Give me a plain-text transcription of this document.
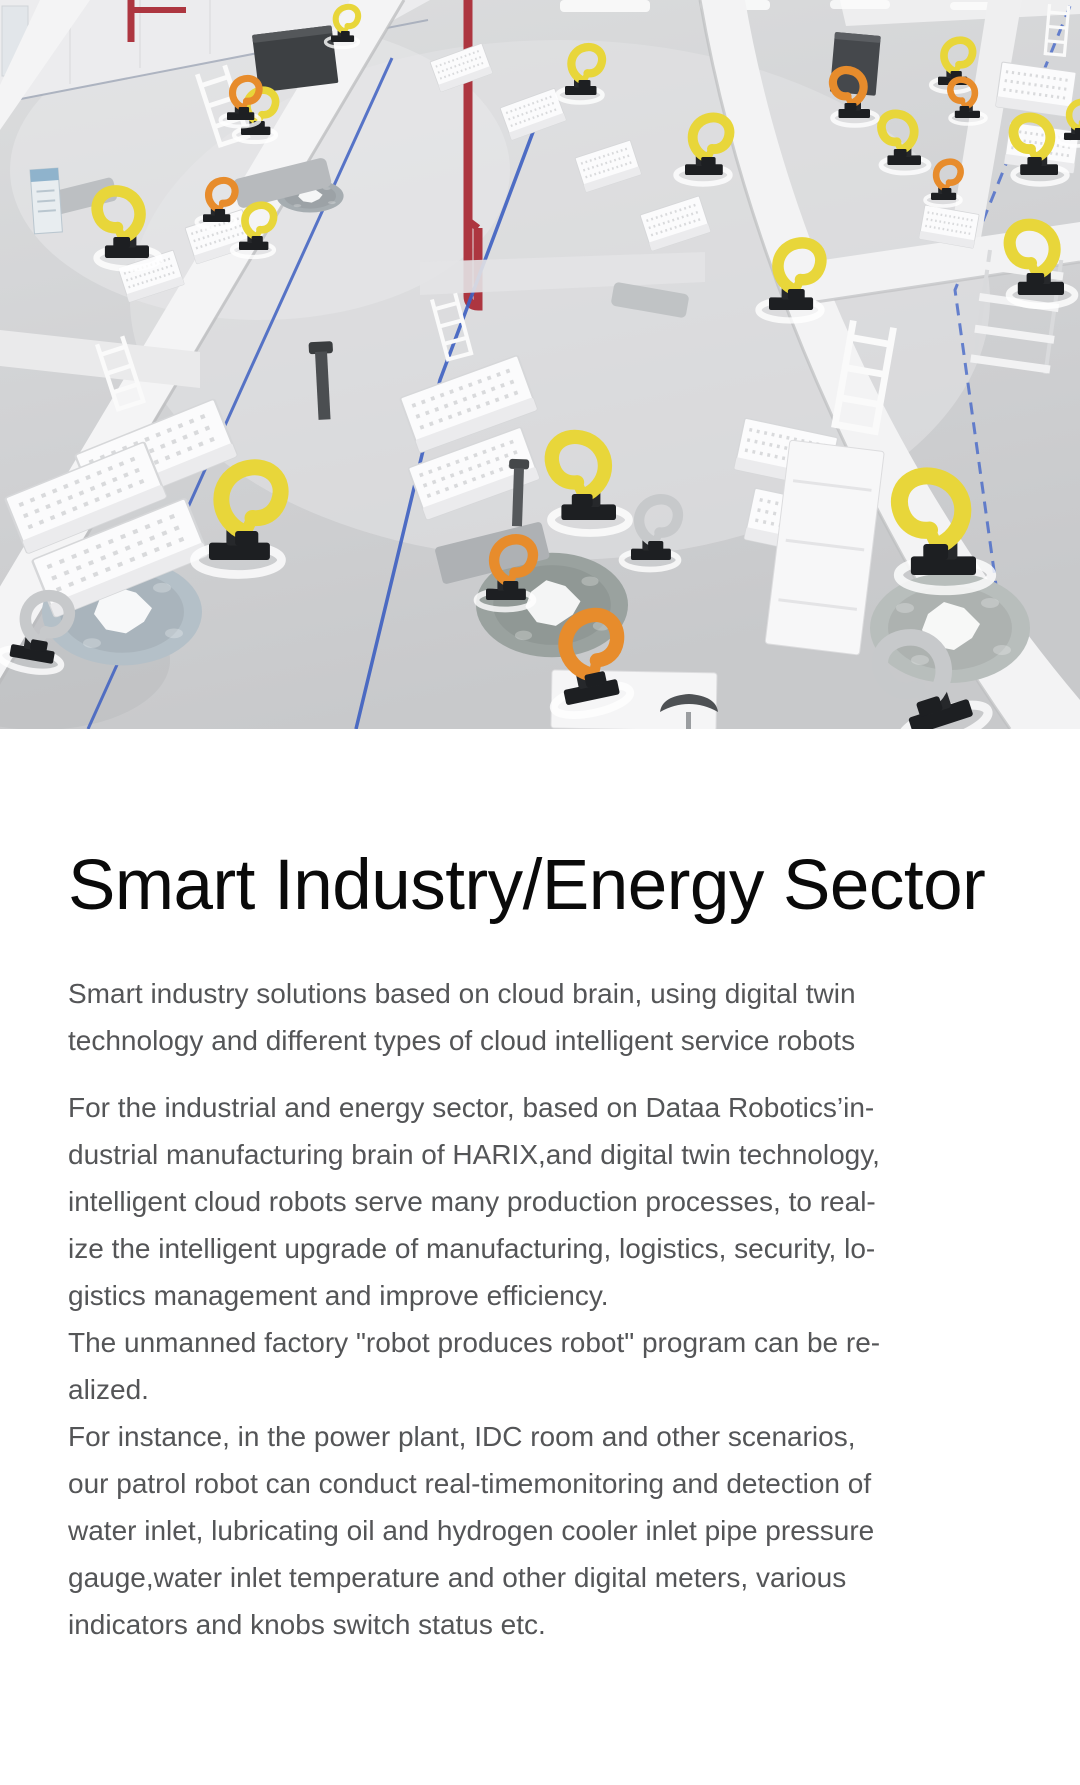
Smart Industry/Energy Sector

Smart industry solutions based on cloud brain, using digital twin
technology and different types of cloud intelligent service robots

For the industrial and energy sector, based on Dataa Robotics’in-
dustrial manufacturing brain of HARIX,and digital twin technology,
intelligent cloud robots serve many production processes, to real-
ize the intelligent upgrade of manufacturing, logistics, security, lo-
gistics management and improve efficiency.
The unmanned factory "robot produces robot" program can be re-
alized.
For instance, in the power plant, IDC room and other scenarios,
our patrol robot can conduct real-timemonitoring and detection of
water inlet, lubricating oil and hydrogen cooler inlet pipe pressure
gauge,water inlet temperature and other digital meters, various
indicators and knobs switch status etc.
